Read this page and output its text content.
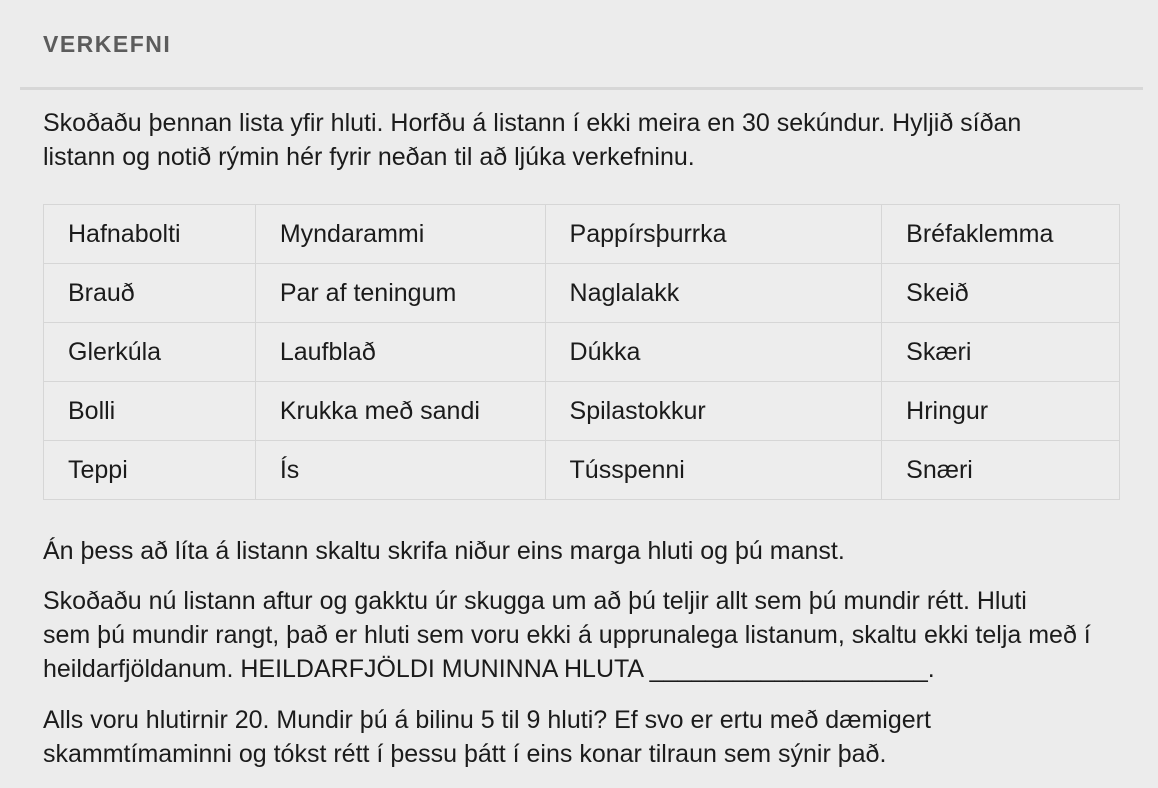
VERKEFNI
Skoðaðu þennan lista yfir hluti. Horfðu á listann í ekki meira en 30 sekúndur. Hyljið síðan
listann og notið rýmin hér fyrir neðan til að ljúka verkefninu.
Hafnabolti	Myndarammi	Pappírsþurrka	Bréfaklemma
Brauð	Par af teningum	Naglalakk	Skeið
Glerkúla	Laufblað	Dúkka	Skæri
Bolli	Krukka með sandi	Spilastokkur	Hringur
Teppi	Ís	Tússpenni	Snæri
Án þess að líta á listann skaltu skrifa niður eins marga hluti og þú manst.
Skoðaðu nú listann aftur og gakktu úr skugga um að þú teljir allt sem þú mundir rétt. Hluti
sem þú mundir rangt, það er hluti sem voru ekki á upprunalega listanum, skaltu ekki telja með í
heildarfjöldanum. HEILDARFJÖLDI MUNINNA HLUTA ____________________.
Alls voru hlutirnir 20. Mundir þú á bilinu 5 til 9 hluti? Ef svo er ertu með dæmigert
skammtímaminni og tókst rétt í þessu þátt í eins konar tilraun sem sýnir það.
